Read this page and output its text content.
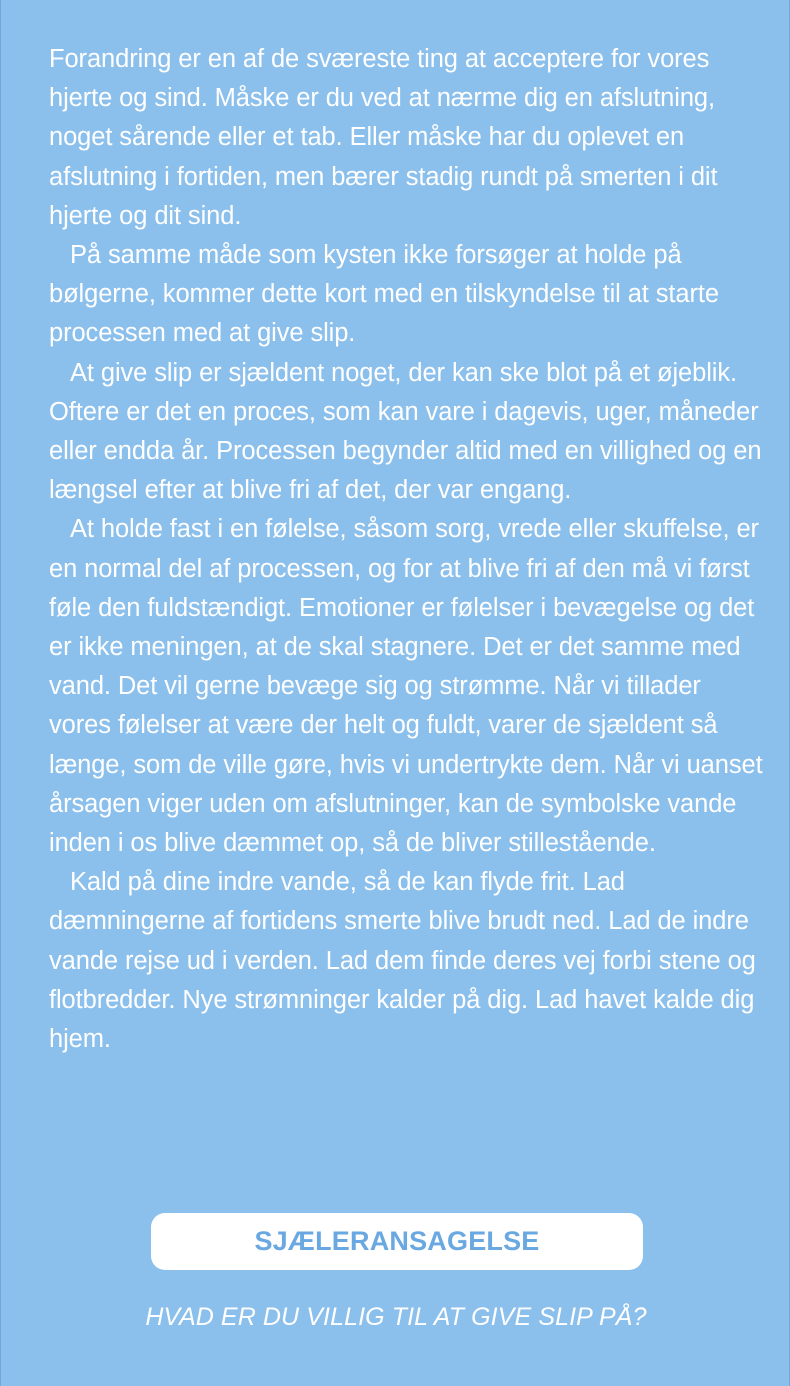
Forandring er en af de sværeste ting at acceptere for vores hjerte og sind. Måske er du ved at nærme dig en afslutning, noget sårende eller et tab. Eller måske har du oplevet en afslutning i fortiden, men bærer stadig rundt på smerten i dit hjerte og dit sind.

På samme måde som kysten ikke forsøger at holde på bølgerne, kommer dette kort med en tilskyndelse til at starte processen med at give slip.

At give slip er sjældent noget, der kan ske blot på et øjeblik. Oftere er det en proces, som kan vare i dagevis, uger, måneder eller endda år. Processen begynder altid med en villighed og en længsel efter at blive fri af det, der var engang.

At holde fast i en følelse, såsom sorg, vrede eller skuffelse, er en normal del af processen, og for at blive fri af den må vi først føle den fuldstændigt. Emotioner er følelser i bevægelse og det er ikke meningen, at de skal stagnere. Det er det samme med vand. Det vil gerne bevæge sig og strømme. Når vi tillader vores følelser at være der helt og fuldt, varer de sjældent så længe, som de ville gøre, hvis vi undertrykte dem. Når vi uanset årsagen viger uden om afslutninger, kan de symbolske vande inden i os blive dæmmet op, så de bliver stillestående.

Kald på dine indre vande, så de kan flyde frit. Lad dæmningerne af fortidens smerte blive brudt ned. Lad de indre vande rejse ud i verden. Lad dem finde deres vej forbi stene og flotbredder. Nye strømninger kalder på dig. Lad havet kalde dig hjem.

SJÆLERANSAGELSE
HVAD ER DU VILLIG TIL AT GIVE SLIP PÅ?
